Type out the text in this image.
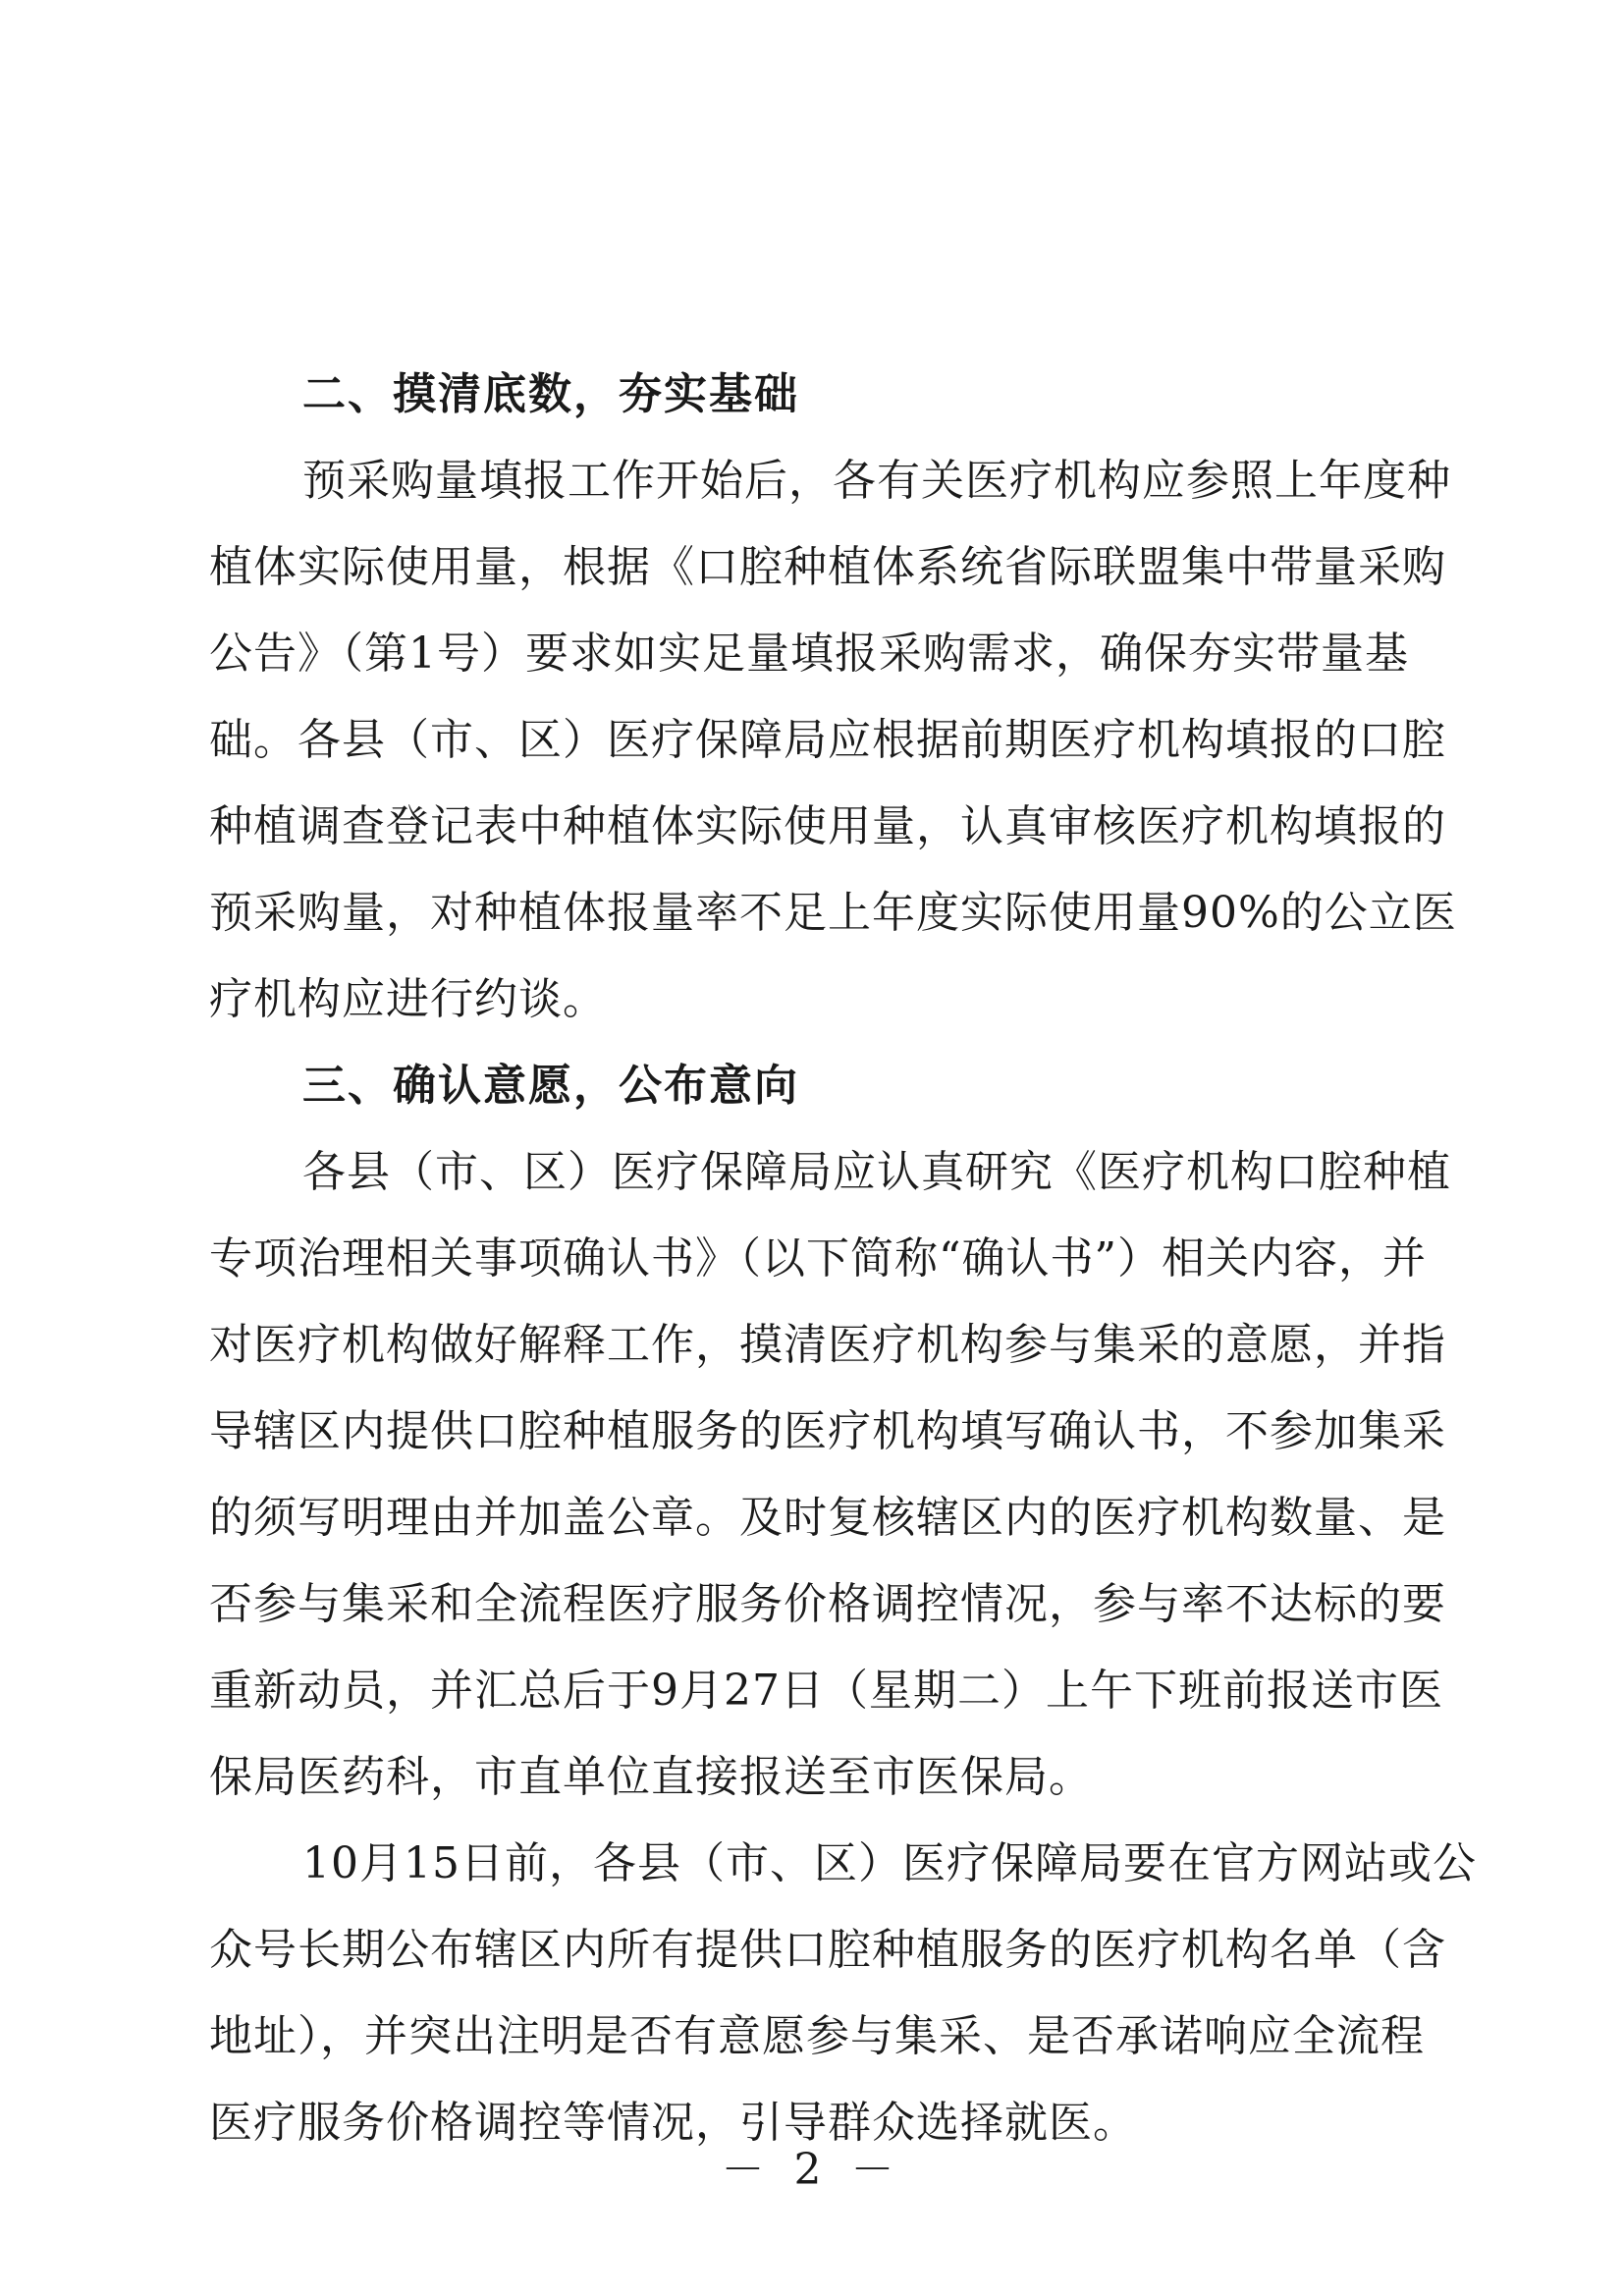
二、摸清底数，夯实基础
预采购量填报工作开始后，各有关医疗机构应参照上年度种
植体实际使用量，根据《口腔种植体系统省际联盟集中带量采购
公告》（第1号）要求如实足量填报采购需求，确保夯实带量基
础。各县（市、区）医疗保障局应根据前期医疗机构填报的口腔
种植调查登记表中种植体实际使用量，认真审核医疗机构填报的
预采购量，对种植体报量率不足上年度实际使用量90%的公立医
疗机构应进行约谈。
三、确认意愿，公布意向
各县（市、区）医疗保障局应认真研究《医疗机构口腔种植
专项治理相关事项确认书》（以下简称“确认书”）相关内容，并
对医疗机构做好解释工作，摸清医疗机构参与集采的意愿，并指
导辖区内提供口腔种植服务的医疗机构填写确认书，不参加集采
的须写明理由并加盖公章。及时复核辖区内的医疗机构数量、是
否参与集采和全流程医疗服务价格调控情况，参与率不达标的要
重新动员，并汇总后于9月27日（星期二）上午下班前报送市医
保局医药科，市直单位直接报送至市医保局。
10月15日前，各县（市、区）医疗保障局要在官方网站或公
众号长期公布辖区内所有提供口腔种植服务的医疗机构名单（含
地址），并突出注明是否有意愿参与集采、是否承诺响应全流程
医疗服务价格调控等情况，引导群众选择就医。
－ 2 －
